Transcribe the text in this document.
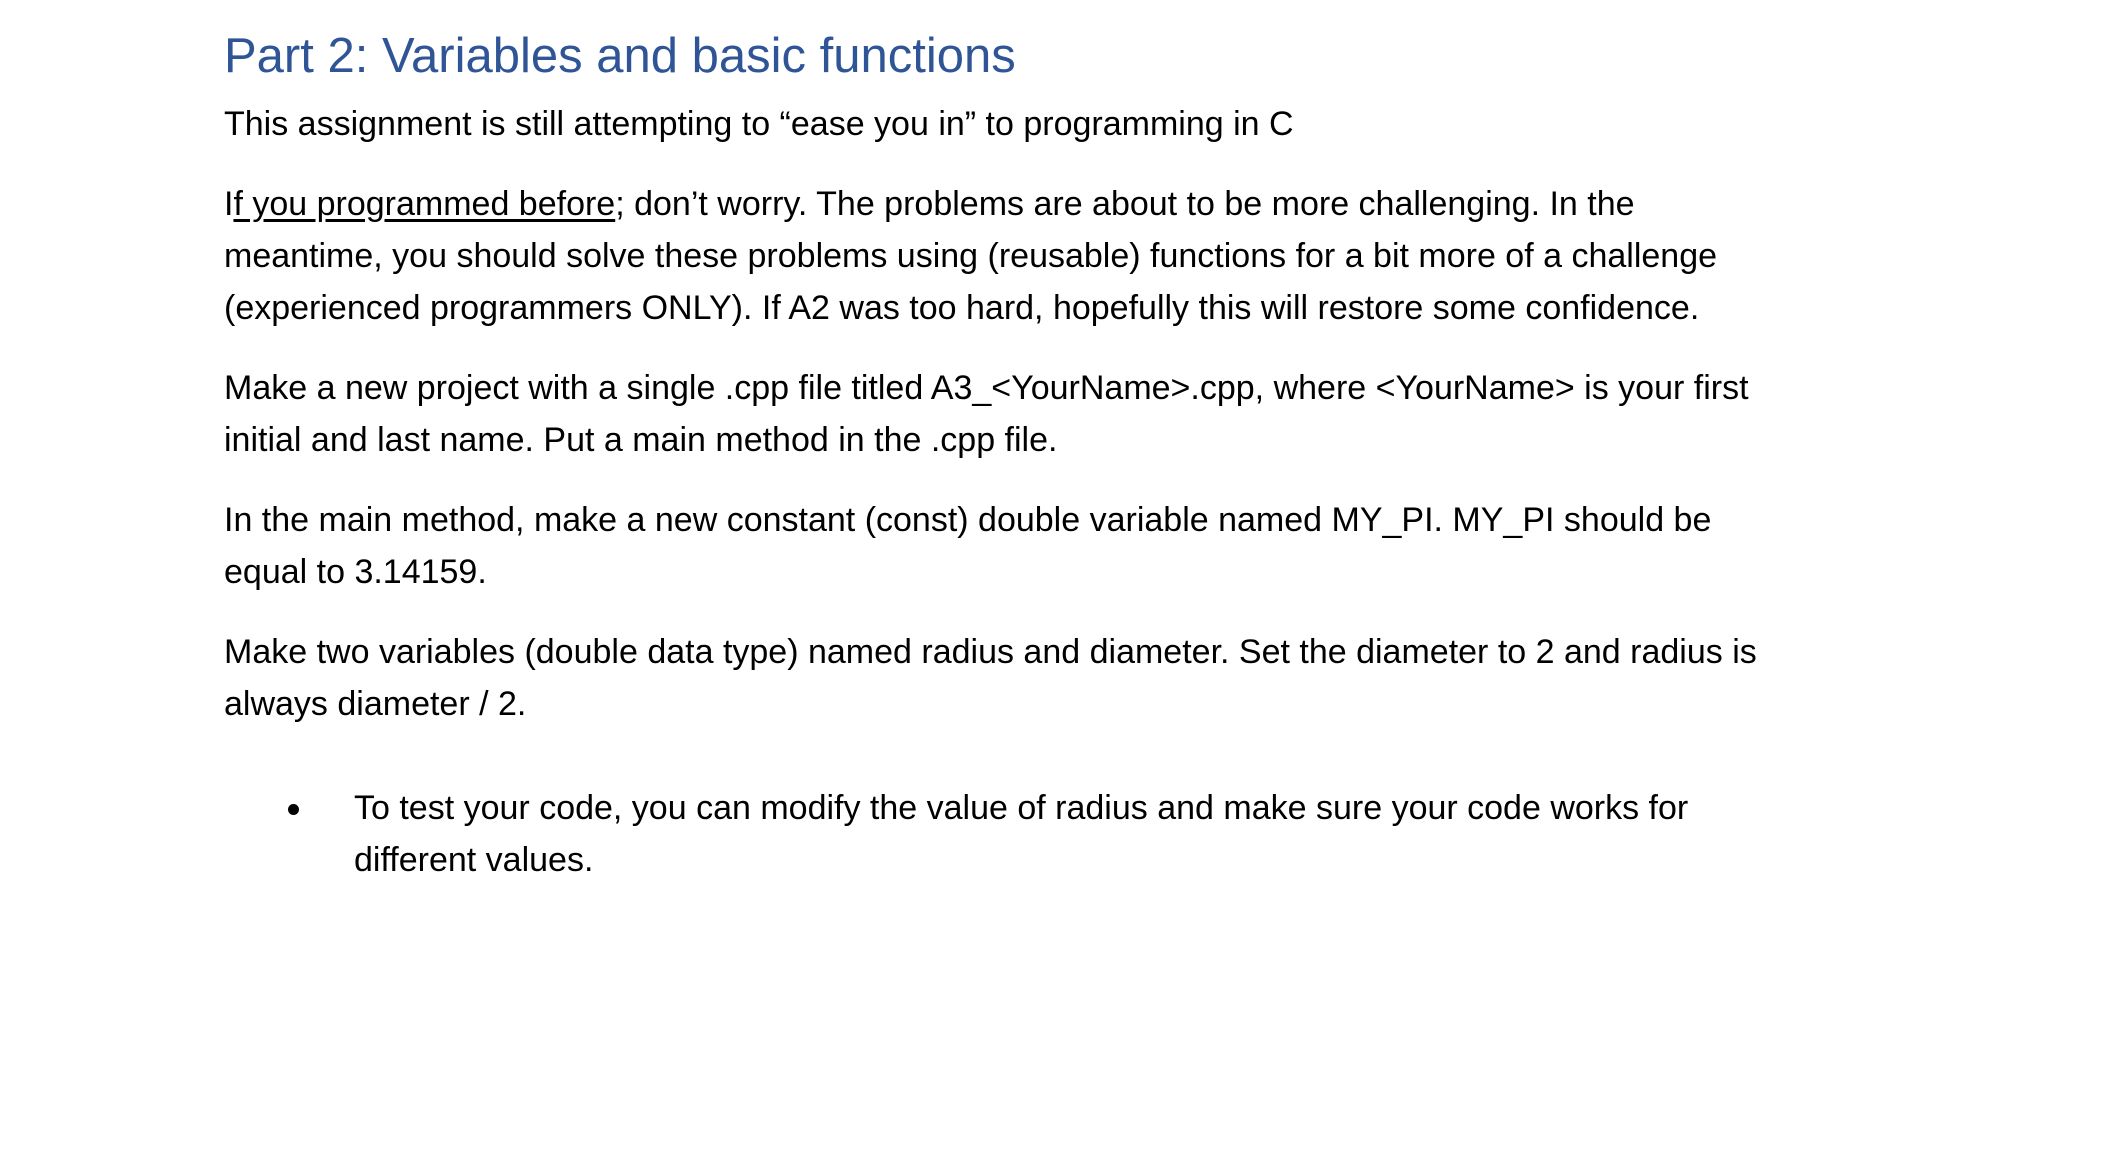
Part 2: Variables and basic functions

This assignment is still attempting to “ease you in” to programming in C

If you programmed before; don’t worry. The problems are about to be more challenging. In the
meantime, you should solve these problems using (reusable) functions for a bit more of a challenge
(experienced programmers ONLY). If A2 was too hard, hopefully this will restore some confidence.

Make a new project with a single .cpp file titled A3_<YourName>.cpp, where <YourName> is your first
initial and last name. Put a main method in the .cpp file.

In the main method, make a new constant (const) double variable named MY_PI. MY_PI should be
equal to 3.14159.

Make two variables (double data type) named radius and diameter. Set the diameter to 2 and radius is
always diameter / 2.

To test your code, you can modify the value of radius and make sure your code works for
different values.
